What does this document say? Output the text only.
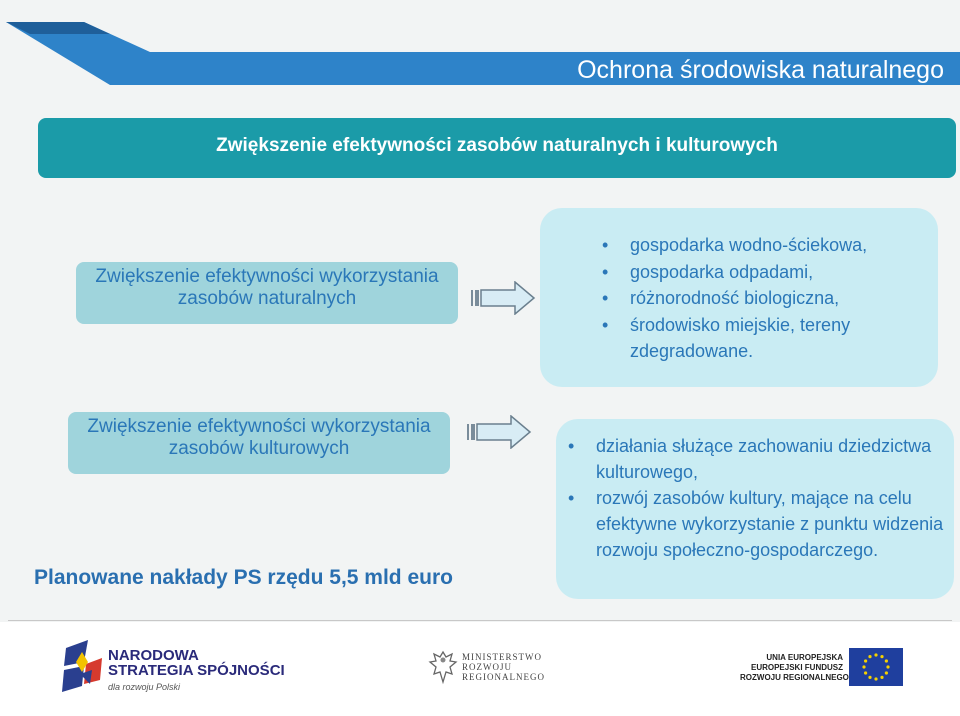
Ochrona środowiska naturalnego
Zwiększenie efektywności zasobów naturalnych i kulturowych
Zwiększenie efektywności wykorzystania
zasobów naturalnych
• gospodarka wodno-ściekowa,
• gospodarka odpadami,
• różnorodność biologiczna,
• środowisko miejskie, tereny zdegradowane.
Zwiększenie efektywności wykorzystania
zasobów kulturowych
•	działania służące zachowaniu dziedzictwa kulturowego,
• rozwój zasobów kultury, mające na celu efektywne wykorzystanie z punktu widzenia rozwoju społeczno-gospodarczego.
Planowane nakłady PS rzędu 5,5 mld euro
NARODOWA
STRATEGIA SPÓJNOŚCI
dla rozwoju Polski
MINISTERSTWO
ROZWOJU
REGIONALNEGO
UNIA EUROPEJSKA
EUROPEJSKI FUNDUSZ
ROZWOJU REGIONALNEGO
